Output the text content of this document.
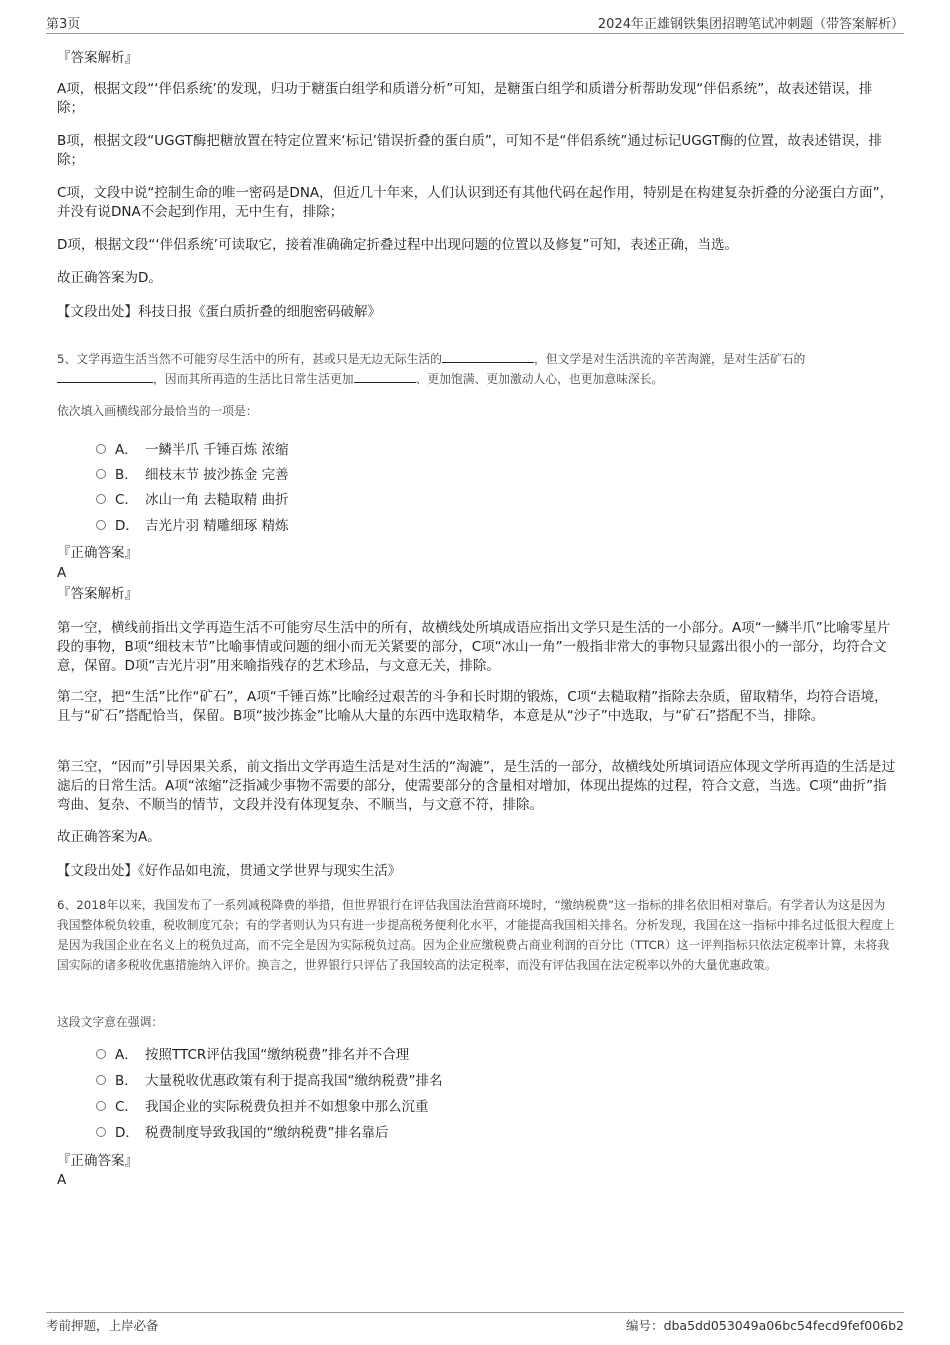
第3页	2024年正雄钢铁集团招聘笔试冲刺题（带答案解析）

『答案解析』

A项，根据文段“‘伴侣系统’的发现，归功于糖蛋白组学和质谱分析”可知，是糖蛋白组学和质谱分析帮助发现“伴侣系统”，故表述错误，排除；

B项，根据文段“UGGT酶把糖放置在特定位置来‘标记’错误折叠的蛋白质”，可知不是“伴侣系统”通过标记UGGT酶的位置，故表述错误，排除；

C项，文段中说“控制生命的唯一密码是DNA，但近几十年来，人们认识到还有其他代码在起作用，特别是在构建复杂折叠的分泌蛋白方面”，并没有说DNA不会起到作用，无中生有，排除；

D项，根据文段“‘伴侣系统’可读取它，接着准确确定折叠过程中出现问题的位置以及修复”可知，表述正确，当选。

故正确答案为D。

【文段出处】科技日报《蛋白质折叠的细胞密码破解》

5、文学再造生活当然不可能穷尽生活中的所有，甚或只是无边无际生活的	，但文学是对生活洪流的辛苦淘漉，是对生活矿石的，因而其所再造的生活比日常生活更加	、更加饱满、更加激动人心，也更加意味深长。

依次填入画横线部分最恰当的一项是：

A． 一鳞半爪 千锤百炼 浓缩
B． 细枝末节 披沙拣金 完善
C． 冰山一角 去糙取精 曲折
D． 吉光片羽 精雕细琢 精炼

『正确答案』

A

『答案解析』

第一空，横线前指出文学再造生活不可能穷尽生活中的所有，故横线处所填成语应指出文学只是生活的一小部分。A项“一鳞半爪”比喻零星片段的事物，B项“细枝末节”比喻事情或问题的细小而无关紧要的部分，C项“冰山一角”一般指非常大的事物只显露出很小的一部分，均符合文意，保留。D项“吉光片羽”用来喻指残存的艺术珍品，与文意无关，排除。

第二空，把“生活”比作“矿石”，A项“千锤百炼”比喻经过艰苦的斗争和长时期的锻炼，C项“去糙取精”指除去杂质，留取精华，均符合语境，且与“矿石”搭配恰当，保留。B项“披沙拣金”比喻从大量的东西中选取精华，本意是从“沙子”中选取，与“矿石”搭配不当，排除。

第三空，“因而”引导因果关系，前文指出文学再造生活是对生活的“淘漉”，是生活的一部分，故横线处所填词语应体现文学所再造的生活是过滤后的日常生活。A项“浓缩”泛指减少事物不需要的部分，使需要部分的含量相对增加，体现出提炼的过程，符合文意，当选。C项“曲折”指弯曲、复杂、不顺当的情节，文段并没有体现复杂、不顺当，与文意不符，排除。

故正确答案为A。

【文段出处】《好作品如电流，贯通文学世界与现实生活》

6、2018年以来，我国发布了一系列减税降费的举措，但世界银行在评估我国法治营商环境时，“缴纳税费”这一指标的排名依旧相对靠后。有学者认为这是因为我国整体税负较重，税收制度冗杂；有的学者则认为只有进一步提高税务便利化水平，才能提高我国相关排名。分析发现，我国在这一指标中排名过低很大程度上是因为我国企业在名义上的税负过高，而不完全是因为实际税负过高。因为企业应缴税费占商业利润的百分比（TTCR）这一评判指标只依法定税率计算，未将我国实际的诸多税收优惠措施纳入评价。换言之，世界银行只评估了我国较高的法定税率，而没有评估我国在法定税率以外的大量优惠政策。

这段文字意在强调：

A． 按照TTCR评估我国“缴纳税费”排名并不合理
B． 大量税收优惠政策有利于提高我国“缴纳税费”排名
C． 我国企业的实际税费负担并不如想象中那么沉重
D． 税费制度导致我国的“缴纳税费”排名靠后

『正确答案』

A

考前押题，上岸必备	编号：dba5dd053049a06bc54fecd9fef006b2
